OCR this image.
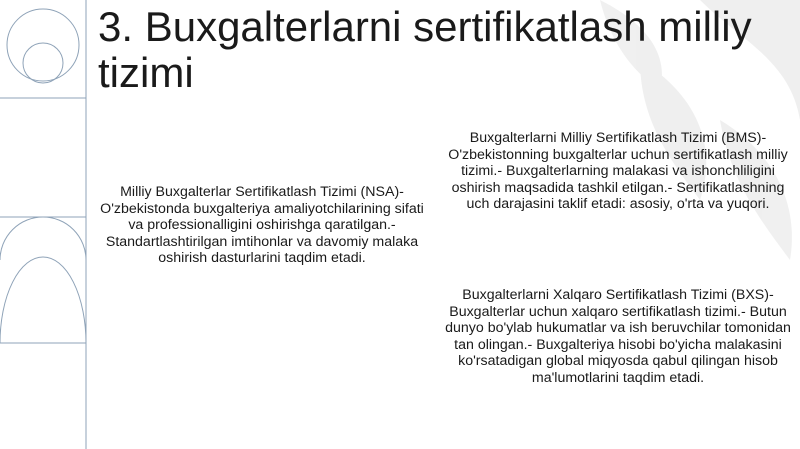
3. Buxgalterlarni sertifikatlash milliy tizimi
Milliy Buxgalterlar Sertifikatlash Tizimi (NSA)- O'zbekistonda buxgalteriya amaliyotchilarining sifati va professionalligini oshirishga qaratilgan.- Standartlashtirilgan imtihonlar va davomiy malaka oshirish dasturlarini taqdim etadi.
Buxgalterlarni Milliy Sertifikatlash Tizimi (BMS)- O'zbekistonning buxgalterlar uchun sertifikatlash milliy tizimi.- Buxgalterlarning malakasi va ishonchliligini oshirish maqsadida tashkil etilgan.- Sertifikatlashning uch darajasini taklif etadi: asosiy, o'rta va yuqori.
Buxgalterlarni Xalqaro Sertifikatlash Tizimi (BXS)- Buxgalterlar uchun xalqaro sertifikatlash tizimi.- Butun dunyo bo'ylab hukumatlar va ish beruvchilar tomonidan tan olingan.- Buxgalteriya hisobi bo'yicha malakasini ko'rsatadigan global miqyosda qabul qilingan hisob ma'lumotlarini taqdim etadi.
